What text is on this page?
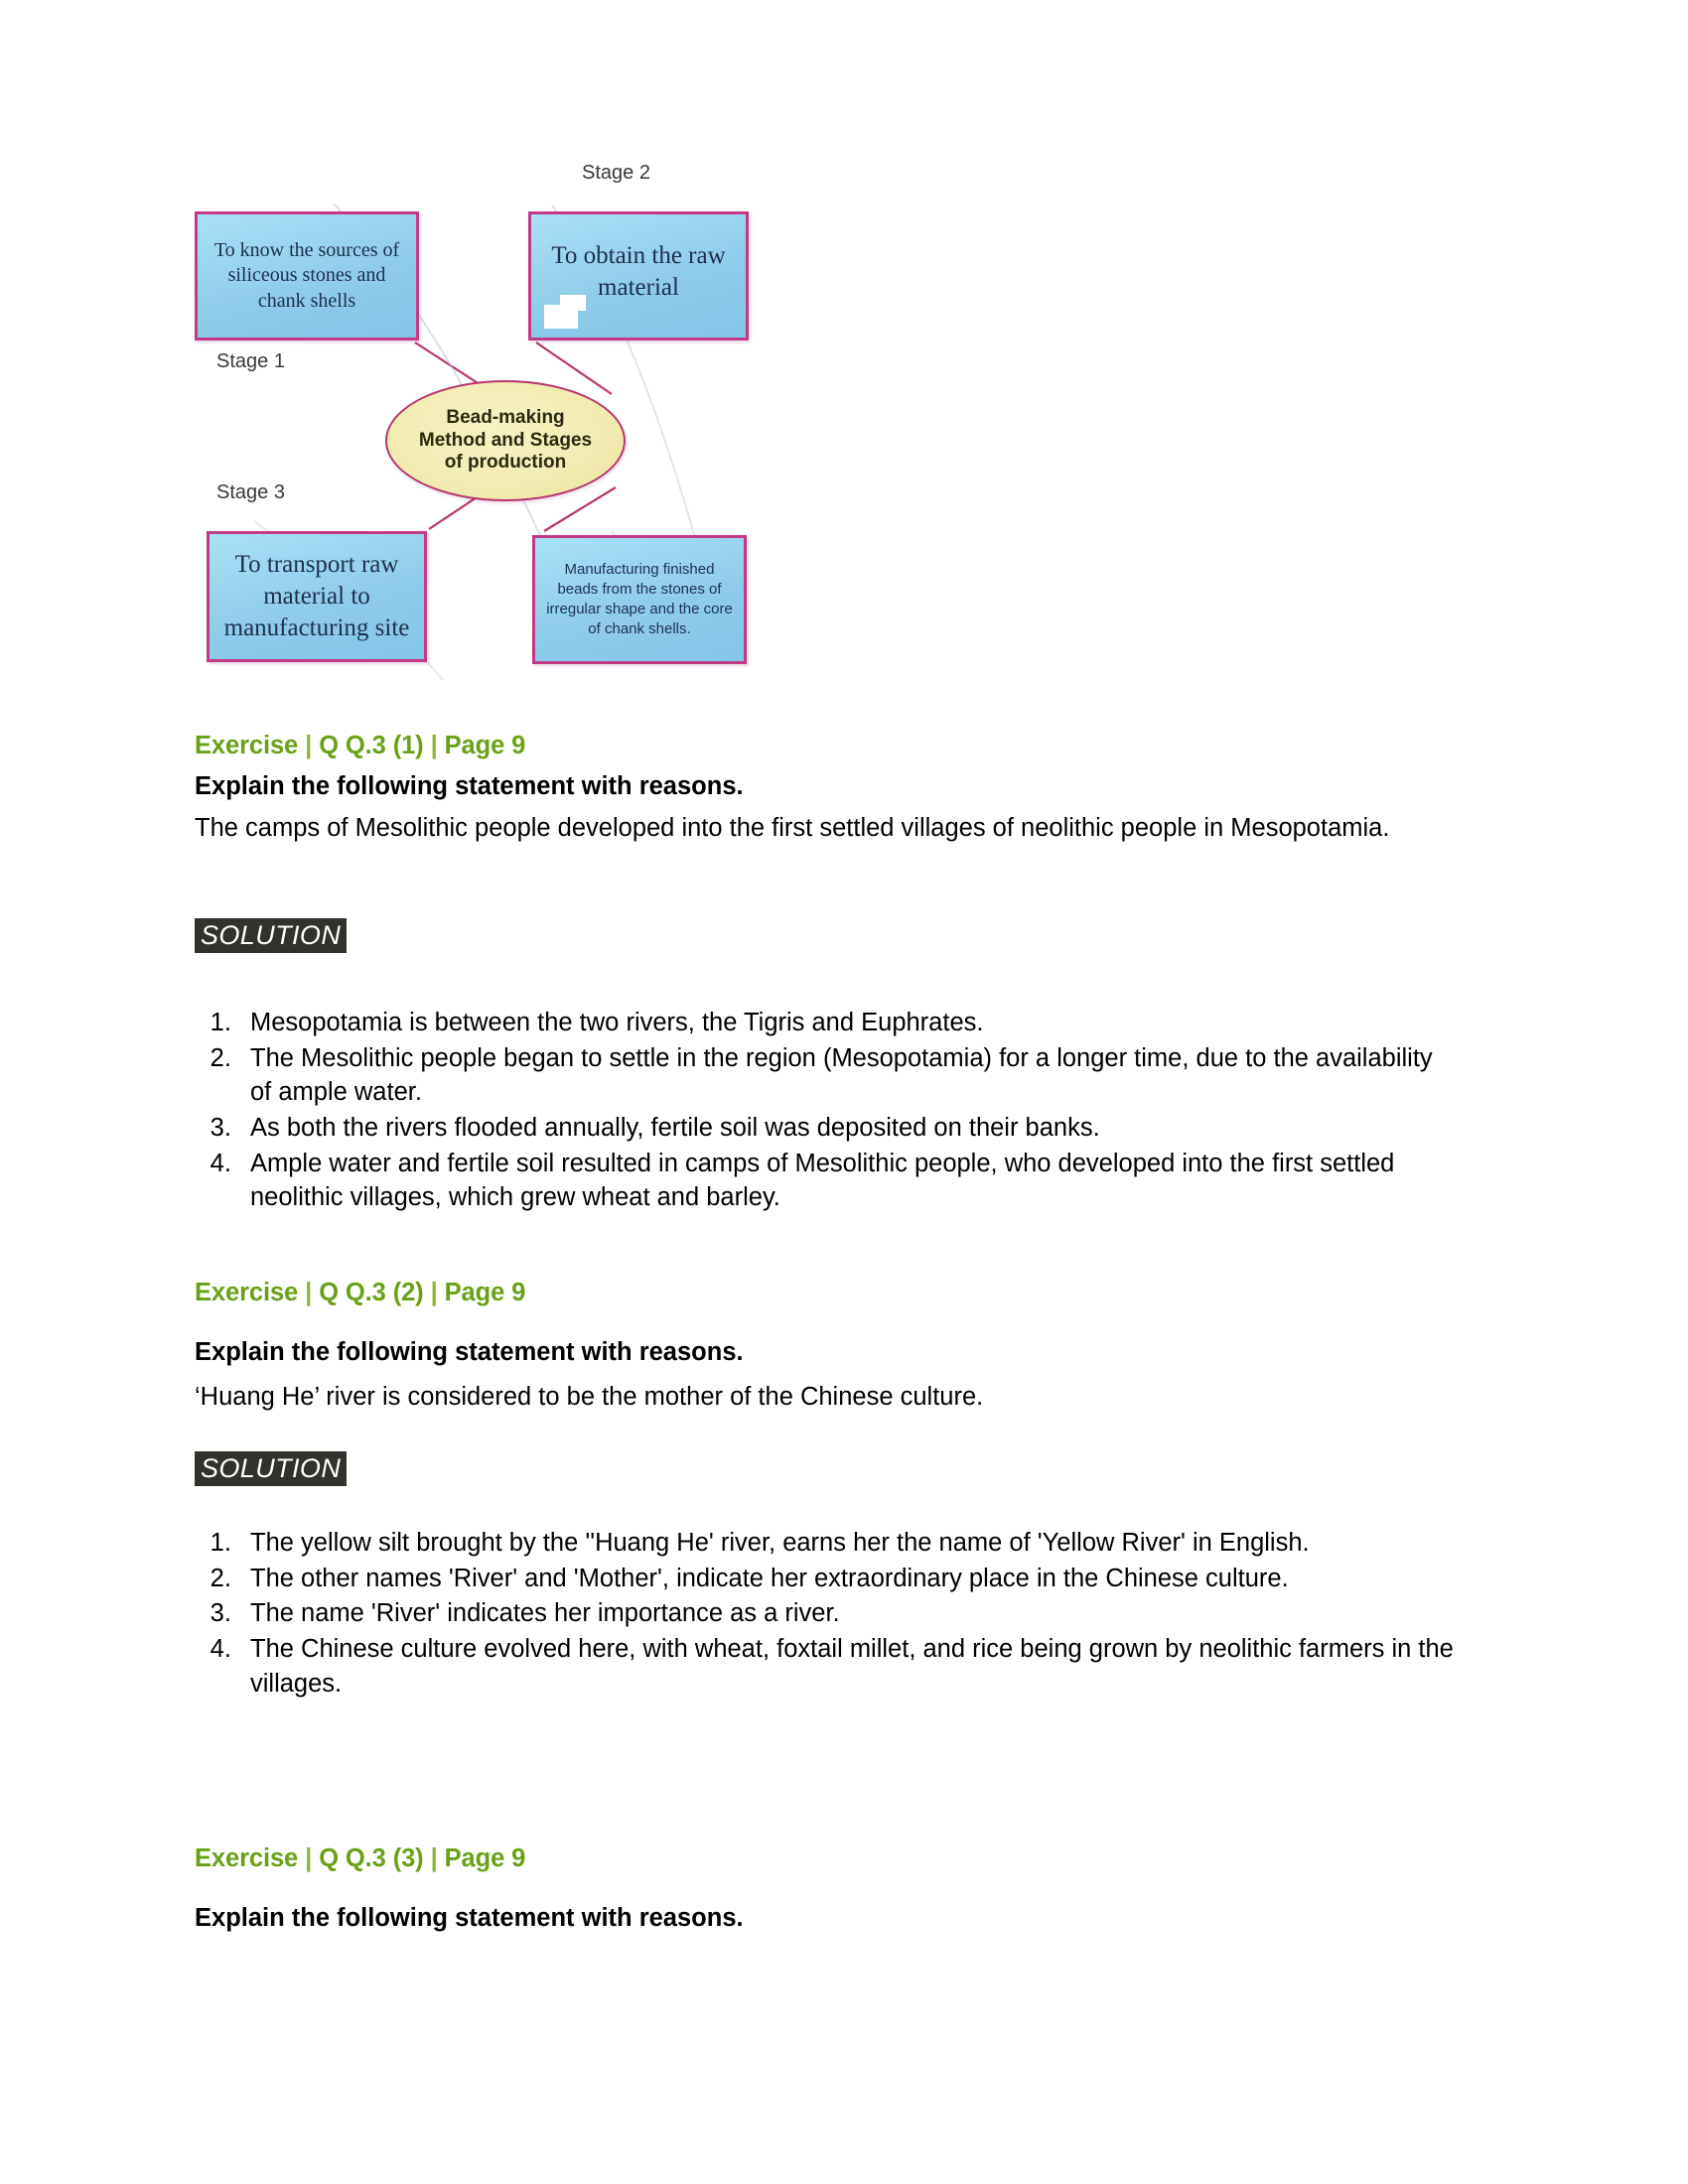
Stage 2
To know the sources of siliceous stones and chank shells
To obtain the raw material
Stage 1
Stage 3
Bead-making
Method and Stages
of production
To transport raw material to manufacturing site
Manufacturing finished beads from the stones of irregular shape and the core of chank shells.
Exercise | Q Q.3 (1) | Page 9
Explain the following statement with reasons.
The camps of Mesolithic people developed into the first settled villages of neolithic people in Mesopotamia.
SOLUTION
1. Mesopotamia is between the two rivers, the Tigris and Euphrates.
2. The Mesolithic people began to settle in the region (Mesopotamia) for a longer time, due to the availability of ample water.
3. As both the rivers flooded annually, fertile soil was deposited on their banks.
4. Ample water and fertile soil resulted in camps of Mesolithic people, who developed into the first settled neolithic villages, which grew wheat and barley.
Exercise | Q Q.3 (2) | Page 9
Explain the following statement with reasons.
‘Huang He’ river is considered to be the mother of the Chinese culture.
SOLUTION
1. The yellow silt brought by the ''Huang He' river, earns her the name of 'Yellow River' in English.
2. The other names 'River' and 'Mother', indicate her extraordinary place in the Chinese culture.
3. The name 'River' indicates her importance as a river.
4. The Chinese culture evolved here, with wheat, foxtail millet, and rice being grown by neolithic farmers in the villages.
Exercise | Q Q.3 (3) | Page 9
Explain the following statement with reasons.
